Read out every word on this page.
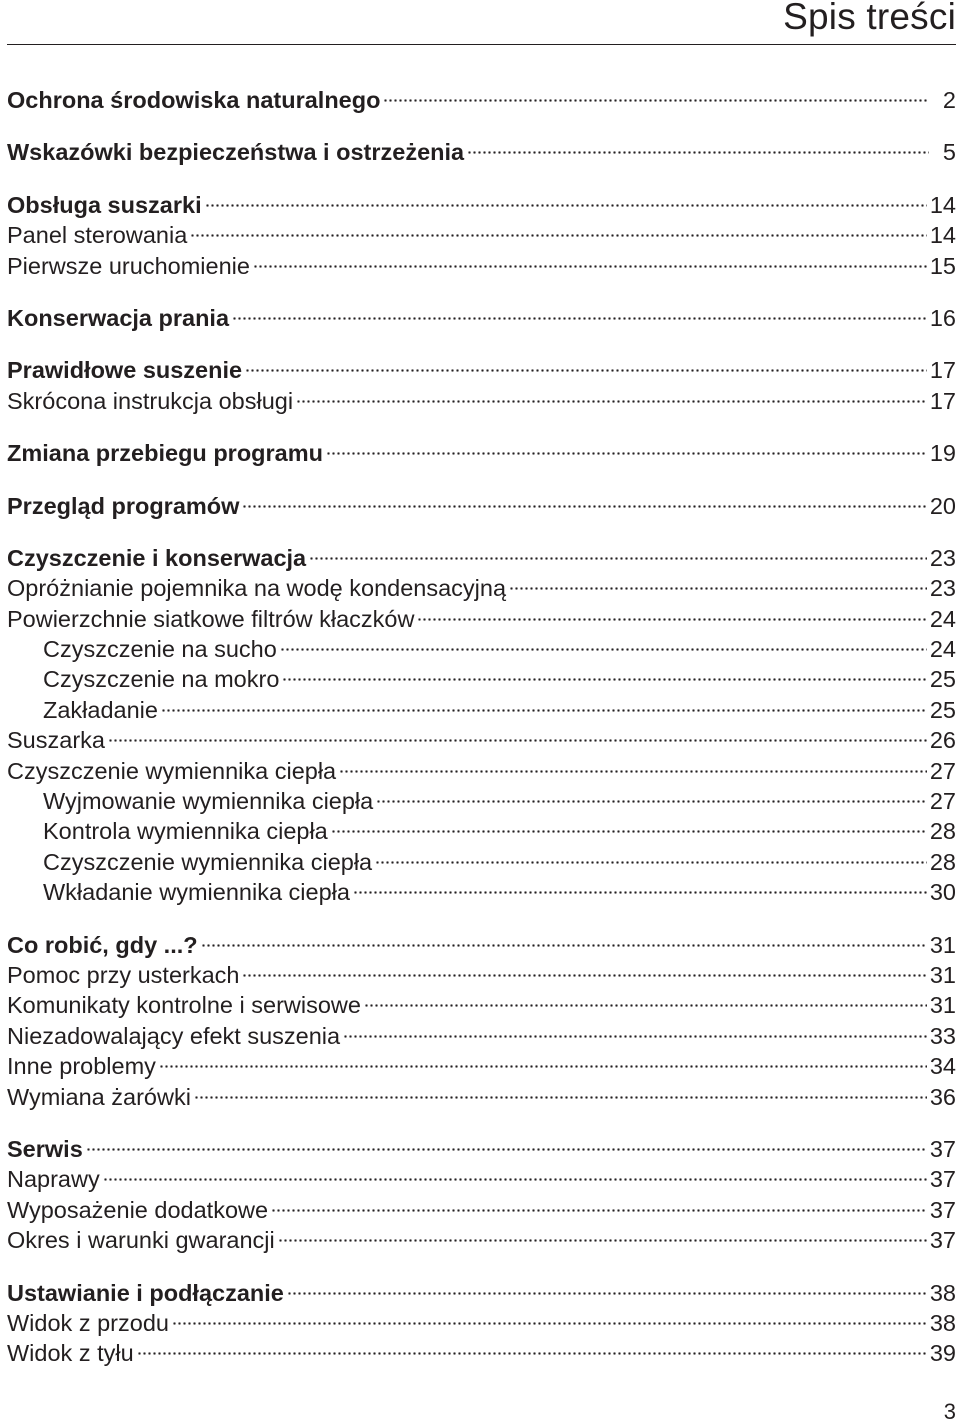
Spis treści
Ochrona środowiska naturalnego	2
Wskazówki bezpieczeństwa i ostrzeżenia	5
Obsługa suszarki	14
Panel sterowania	14
Pierwsze uruchomienie	15
Konserwacja prania	16
Prawidłowe suszenie	17
Skrócona instrukcja obsługi	17
Zmiana przebiegu programu	19
Przegląd programów	20
Czyszczenie i konserwacja	23
Opróżnianie pojemnika na wodę kondensacyjną	23
Powierzchnie siatkowe filtrów kłaczków	24
Czyszczenie na sucho	24
Czyszczenie na mokro	25
Zakładanie	25
Suszarka	26
Czyszczenie wymiennika ciepła	27
Wyjmowanie wymiennika ciepła	27
Kontrola wymiennika ciepła	28
Czyszczenie wymiennika ciepła	28
Wkładanie wymiennika ciepła	30
Co robić, gdy ...?	31
Pomoc przy usterkach	31
Komunikaty kontrolne i serwisowe	31
Niezadowalający efekt suszenia	33
Inne problemy	34
Wymiana żarówki	36
Serwis	37
Naprawy	37
Wyposażenie dodatkowe	37
Okres i warunki gwarancji	37
Ustawianie i podłączanie	38
Widok z przodu	38
Widok z tyłu	39
3
